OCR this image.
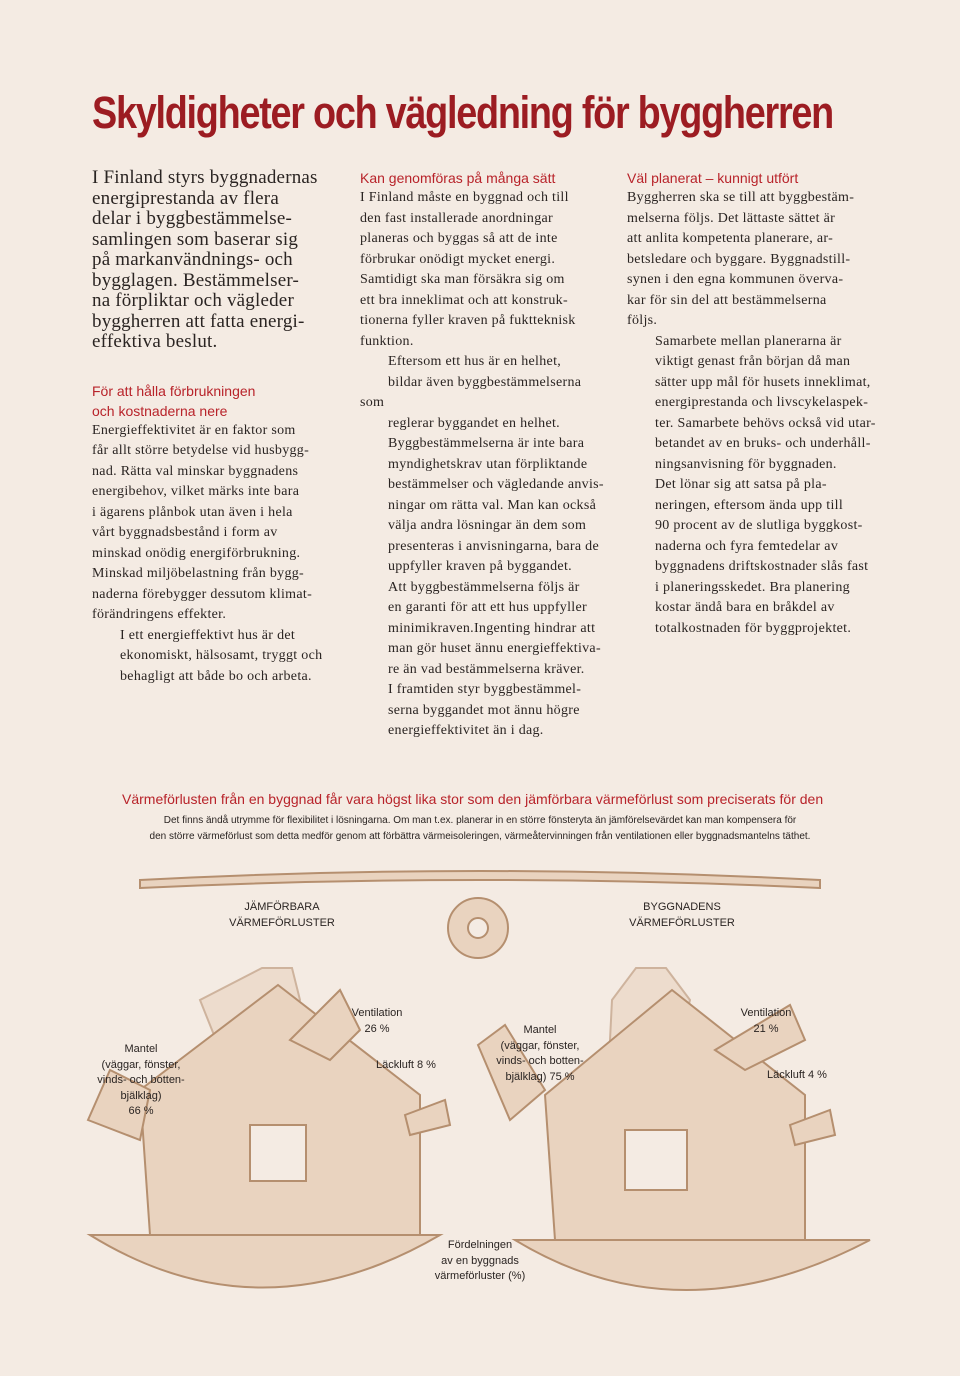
Skyldigheter och vägledning för byggherren

I Finland styrs byggnadernas
energiprestanda av flera
delar i byggbestämmelse-
samlingen som baserar sig
på markanvändnings- och
bygglagen. Bestämmelser-
na förpliktar och vägleder
byggherren att fatta energi-
effektiva beslut.

För att hålla förbrukningen
och kostnaderna nere

Energieffektivitet är en faktor som
får allt större betydelse vid husbygg-
nad. Rätta val minskar byggnadens
energibehov, vilket märks inte bara
i ägarens plånbok utan även i hela
vårt byggnadsbestånd i form av
minskad onödig energiförbrukning.
Minskad miljöbelastning från bygg-
naderna förebygger dessutom klimat-
förändringens effekter.

I ett energieffektivt hus är det
ekonomiskt, hälsosamt, tryggt och
behagligt att både bo och arbeta.

Kan genomföras på många sätt

I Finland måste en byggnad och till
den fast installerade anordningar
planeras och byggas så att de inte
förbrukar onödigt mycket energi.
Samtidigt ska man försäkra sig om
ett bra inneklimat och att konstruk-
tionerna fyller kraven på fuktteknisk
funktion.

Eftersom ett hus är en helhet,
bildar även byggbestämmelserna som
reglerar byggandet en helhet.

Byggbestämmelserna är inte bara
myndighetskrav utan förpliktande
bestämmelser och vägledande anvis-
ningar om rätta val. Man kan också
välja andra lösningar än dem som
presenteras i anvisningarna, bara de
uppfyller kraven på byggandet.

Att byggbestämmelserna följs är
en garanti för att ett hus uppfyller
minimikraven.Ingenting hindrar att
man gör huset ännu energieffektiva-
re än vad bestämmelserna kräver.

I framtiden styr byggbestämmel-
serna byggandet mot ännu högre
energieffektivitet än i dag.

Väl planerat – kunnigt utfört

Byggherren ska se till att byggbestäm-
melserna följs. Det lättaste sättet är
att anlita kompetenta planerare, ar-
betsledare och byggare. Byggnadstill-
synen i den egna kommunen överva-
kar för sin del att bestämmelserna
följs.

Samarbete mellan planerarna är
viktigt genast från början då man
sätter upp mål för husets inneklimat,
energiprestanda och livscykelaspek-
ter. Samarbete behövs också vid utar-
betandet av en bruks- och underhåll-
ningsanvisning för byggnaden.

Det lönar sig att satsa på pla-
neringen, eftersom ända upp till
90 procent av de slutliga byggkost-
naderna och fyra femtedelar av
byggnadens driftskostnader slås fast
i planeringsskedet. Bra planering
kostar ändå bara en bråkdel av
totalkostnaden för byggprojektet.

Värmeförlusten från en byggnad får vara högst lika stor som den jämförbara värmeförlust som preciserats för den
Det finns ändå utrymme för flexibilitet i lösningarna. Om man t.ex. planerar in en större fönsteryta än jämförelsevärdet kan man kompensera för
den större värmeförlust som detta medför genom att förbättra värmeisoleringen, värmeåtervinningen från ventilationen eller byggnadsmantelns täthet.
JÄMFÖRBARA VÄRMEFÖRLUSTER
BYGGNADENS VÄRMEFÖRLUSTER
Mantel
(väggar, fönster,
vinds- och botten-
bjälklag)
66 %
Ventilation
26 %
Läckluft 8 %
Mantel
(väggar, fönster,
vinds- och botten-
bjälklag) 75 %
Ventilation
21 %
Läckluft 4 %
Fördelningen
av en byggnads
värmeförluster (%)
